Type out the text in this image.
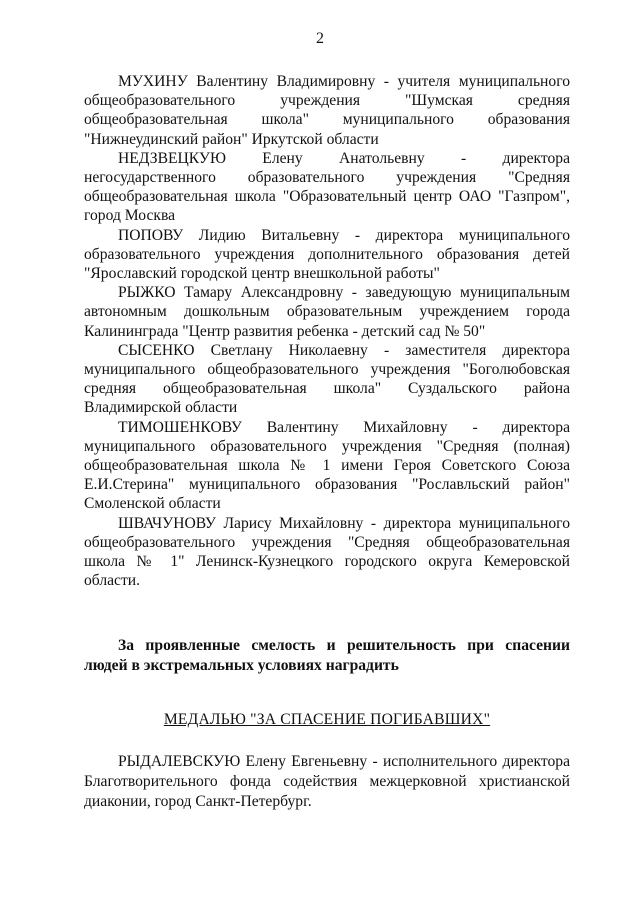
2

МУХИНУ Валентину Владимировну - учителя муниципального общеобразовательного учреждения "Шумская средняя общеобразовательная школа" муниципального образования "Нижнеудинский район" Иркутской области

НЕДЗВЕЦКУЮ Елену Анатольевну - директора негосударственного образовательного учреждения "Средняя общеобразовательная школа "Образовательный центр ОАО "Газпром", город Москва

ПОПОВУ Лидию Витальевну - директора муниципального образовательного учреждения дополнительного образования детей "Ярославский городской центр внешкольной работы"

РЫЖКО Тамару Александровну - заведующую муниципальным автономным дошкольным образовательным учреждением города Калининграда "Центр развития ребенка - детский сад № 50"

СЫСЕНКО Светлану Николаевну - заместителя директора муниципального общеобразовательного учреждения "Боголюбовская средняя общеобразовательная школа" Суздальского района Владимирской области

ТИМОШЕНКОВУ Валентину Михайловну - директора муниципального образовательного учреждения "Средняя (полная) общеобразовательная школа № 1 имени Героя Советского Союза Е.И.Стерина" муниципального образования "Рославльский район" Смоленской области

ШВАЧУНОВУ Ларису Михайловну - директора муниципального общеобразовательного учреждения "Средняя общеобразовательная школа № 1" Ленинск-Кузнецкого городского округа Кемеровской области.

За проявленные смелость и решительность при спасении людей в экстремальных условиях наградить

МЕДАЛЬЮ "ЗА СПАСЕНИЕ ПОГИБАВШИХ"

РЫДАЛЕВСКУЮ Елену Евгеньевну - исполнительного директора Благотворительного фонда содействия межцерковной христианской диаконии, город Санкт-Петербург.
